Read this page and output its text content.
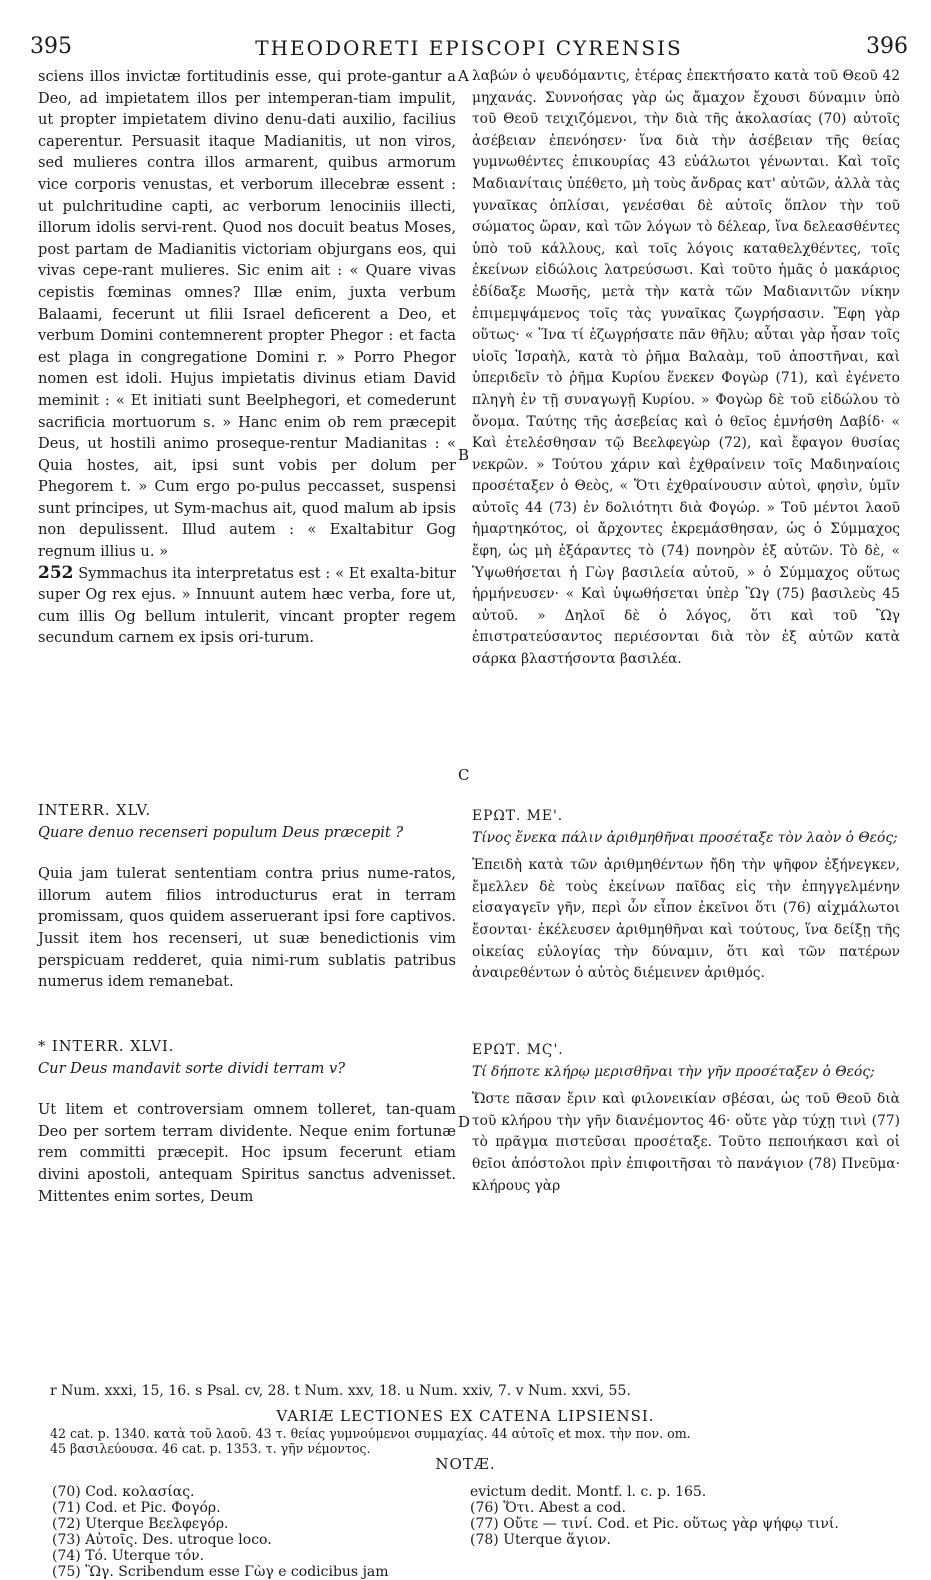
395	THEODORETI EPISCOPI CYRENSIS	396
A
B
C
D

sciens illos invictæ fortitudinis esse, qui prote-gantur a Deo, ad impietatem illos per intemperan-tiam impulit, ut propter impietatem divino denu-dati auxilio, facilius caperentur. Persuasit itaque Madianitis, ut non viros, sed mulieres contra illos armarent, quibus armorum vice corporis venustas, et verborum illecebræ essent : ut pulchritudine capti, ac verborum lenociniis illecti, illorum idolis servi-rent. Quod nos docuit beatus Moses, post partam de Madianitis victoriam objurgans eos, qui vivas cepe-rant mulieres. Sic enim ait : « Quare vivas cepistis fœminas omnes? Illæ enim, juxta verbum Balaami, fecerunt ut filii Israel deficerent a Deo, et verbum Domini contemnerent propter Phegor : et facta est plaga in congregatione Domini r. » Porro Phegor nomen est idoli. Hujus impietatis divinus etiam David meminit : « Et initiati sunt Beelphegori, et comederunt sacrificia mortuorum s. » Hanc enim ob rem præcepit Deus, ut hostili animo proseque-rentur Madianitas : « Quia hostes, ait, ipsi sunt vobis per dolum per Phegorem t. » Cum ergo po-pulus peccasset, suspensi sunt principes, ut Sym-machus ait, quod malum ab ipsis non depulissent. Illud autem : « Exaltabitur Gog regnum illius u. »

252 Symmachus ita interpretatus est : « Et exalta-bitur super Og rex ejus. » Innuunt autem hæc verba, fore ut, cum illis Og bellum intulerit, vincant propter regem secundum carnem ex ipsis ori-turum.

INTERR. XLV.

Quare denuo recenseri populum Deus præcepit ?

Quia jam tulerat sententiam contra prius nume-ratos, illorum autem filios introducturus erat in terram promissam, quos quidem asseruerant ipsi fore captivos. Jussit item hos recenseri, ut suæ benedictionis vim perspicuam redderet, quia nimi-rum sublatis patribus numerus idem remanebat.

* INTERR. XLVI.

Cur Deus mandavit sorte dividi terram v?

Ut litem et controversiam omnem tolleret, tan-quam Deo per sortem terram dividente. Neque enim fortunæ rem committi præcepit. Hoc ipsum fecerunt etiam divini apostoli, antequam Spiritus sanctus advenisset. Mittentes enim sortes, Deum

λαβών ὁ ψευδόμαντις, ἑτέρας ἐπεκτήσατο κατὰ τοῦ Θεοῦ 42 μηχανάς. Συννοήσας γὰρ ὡς ἄμαχον ἔχουσι δύναμιν ὑπὸ τοῦ Θεοῦ τειχιζόμενοι, τὴν διὰ τῆς ἀκολασίας (70) αὐτοῖς ἀσέβειαν ἐπενόησεν· ἵνα διὰ τὴν ἀσέβειαν τῆς θείας γυμνωθέντες ἐπικουρίας 43 εὐάλωτοι γένωνται. Καὶ τοῖς Μαδιανίταις ὑπέθετο, μὴ τοὺς ἄνδρας κατ' αὐτῶν, ἀλλὰ τὰς γυναῖκας ὁπλίσαι, γενέσθαι δὲ αὐτοῖς ὅπλον τὴν τοῦ σώματος ὥραν, καὶ τῶν λόγων τὸ δέλεαρ, ἵνα δελεασθέντες ὑπὸ τοῦ κάλλους, καὶ τοῖς λόγοις καταθελχθέντες, τοῖς ἐκείνων εἰδώλοις λατρεύσωσι. Καὶ τοῦτο ἡμᾶς ὁ μακάριος ἐδίδαξε Μωσῆς, μετὰ τὴν κατὰ τῶν Μαδιανιτῶν νίκην ἐπιμεμψάμενος τοῖς τὰς γυναῖκας ζωγρήσασιν. Ἔφη γὰρ οὕτως· « Ἵνα τί ἐζωγρήσατε πᾶν θῆλυ; αὗται γὰρ ἦσαν τοῖς υἱοῖς Ἰσραὴλ, κατὰ τὸ ῥῆμα Βαλαὰμ, τοῦ ἀποστῆναι, καὶ ὑπεριδεῖν τὸ ῥῆμα Κυρίου ἕνεκεν Φογὼρ (71), καὶ ἐγένετο πληγὴ ἐν τῇ συναγωγῇ Κυρίου. » Φογὼρ δὲ τοῦ εἰδώλου τὸ ὄνομα. Ταύτης τῆς ἀσεβείας καὶ ὁ θεῖος ἐμνήσθη Δαβίδ· « Καὶ ἐτελέσθησαν τῷ Βεελφεγὼρ (72), καὶ ἔφαγον θυσίας νεκρῶν. » Τούτου χάριν καὶ ἐχθραίνειν τοῖς Μαδιηναίοις προσέταξεν ὁ Θεὸς, « Ὅτι ἐχθραίνουσιν αὐτοὶ, φησὶν, ὑμῖν αὐτοῖς 44 (73) ἐν δολιότητι διὰ Φογώρ. » Τοῦ μέντοι λαοῦ ἡμαρτηκότος, οἱ ἄρχοντες ἐκρεμάσθησαν, ὡς ὁ Σύμμαχος ἔφη, ὡς μὴ ἐξάραντες τὸ (74) πονηρὸν ἐξ αὐτῶν. Τὸ δὲ, « Ὑψωθήσεται ἡ Γὼγ βασιλεία αὐτοῦ, » ὁ Σύμμαχος οὕτως ἡρμήνευσεν· « Καὶ ὑψωθήσεται ὑπὲρ Ὢγ (75) βασιλεὺς 45 αὐτοῦ. » Δηλοῖ δὲ ὁ λόγος, ὅτι καὶ τοῦ Ὢγ ἐπιστρατεύσαντος περιέσονται διὰ τὸν ἐξ αὐτῶν κατὰ σάρκα βλαστήσοντα βασιλέα.

ΕΡΩΤ. ΜΕ'.

Τίνος ἕνεκα πάλιν ἀριθμηθῆναι προσέταξε τὸν λαὸν ὁ Θεός;

Ἐπειδὴ κατὰ τῶν ἀριθμηθέντων ἤδη τὴν ψῆφον ἐξήνεγκεν, ἔμελλεν δὲ τοὺς ἐκείνων παῖδας εἰς τὴν ἐπηγγελμένην εἰσαγαγεῖν γῆν, περὶ ὧν εἶπον ἐκεῖνοι ὅτι (76) αἰχμάλωτοι ἔσονται· ἐκέλευσεν ἀριθμηθῆναι καὶ τούτους, ἵνα δείξῃ τῆς οἰκείας εὐλογίας τὴν δύναμιν, ὅτι καὶ τῶν πατέρων ἀναιρεθέντων ὁ αὐτὸς διέμεινεν ἀριθμός.

ΕΡΩΤ. ΜϚ'.

Τί δήποτε κλήρῳ μερισθῆναι τὴν γῆν προσέταξεν ὁ Θεός;

Ὥστε πᾶσαν ἔριν καὶ φιλονεικίαν σβέσαι, ὡς τοῦ Θεοῦ διὰ τοῦ κλήρου τὴν γῆν διανέμοντος 46· οὔτε γὰρ τύχῃ τινὶ (77) τὸ πρᾶγμα πιστεῦσαι προσέταξε. Τοῦτο πεποιήκασι καὶ οἱ θεῖοι ἀπόστολοι πρὶν ἐπιφοιτῆσαι τὸ πανάγιον (78) Πνεῦμα· κλήρους γὰρ

r Num. xxxi, 15, 16. s Psal. cv, 28. t Num. xxv, 18. u Num. xxiv, 7. v Num. xxvi, 55.
VARIÆ LECTIONES EX CATENA LIPSIENSI.
42 cat. p. 1340. κατὰ τοῦ λαοῦ. 43 τ. θείας γυμνούμενοι συμμαχίας. 44 αὐτοῖς et mox. τὴν πον. om.
45 βασιλεύουσα. 46 cat. p. 1353. τ. γῆν νέμοντος.
NOTÆ.
(70) Cod. κολασίας.
(71) Cod. et Pic. Φογόρ.
(72) Uterque Βεελφεγόρ.
(73) Αὐτοῖς. Des. utroque loco.
(74) Τό. Uterque τόν.
(75) Ὢγ. Scribendum esse Γὼγ e codicibus jam
evictum dedit. Montf. l. c. p. 165.
(76) Ὅτι. Abest a cod.
(77) Οὔτε — τινί. Cod. et Pic. οὕτως γὰρ ψήφῳ τινί.
(78) Uterque ἅγιον.
